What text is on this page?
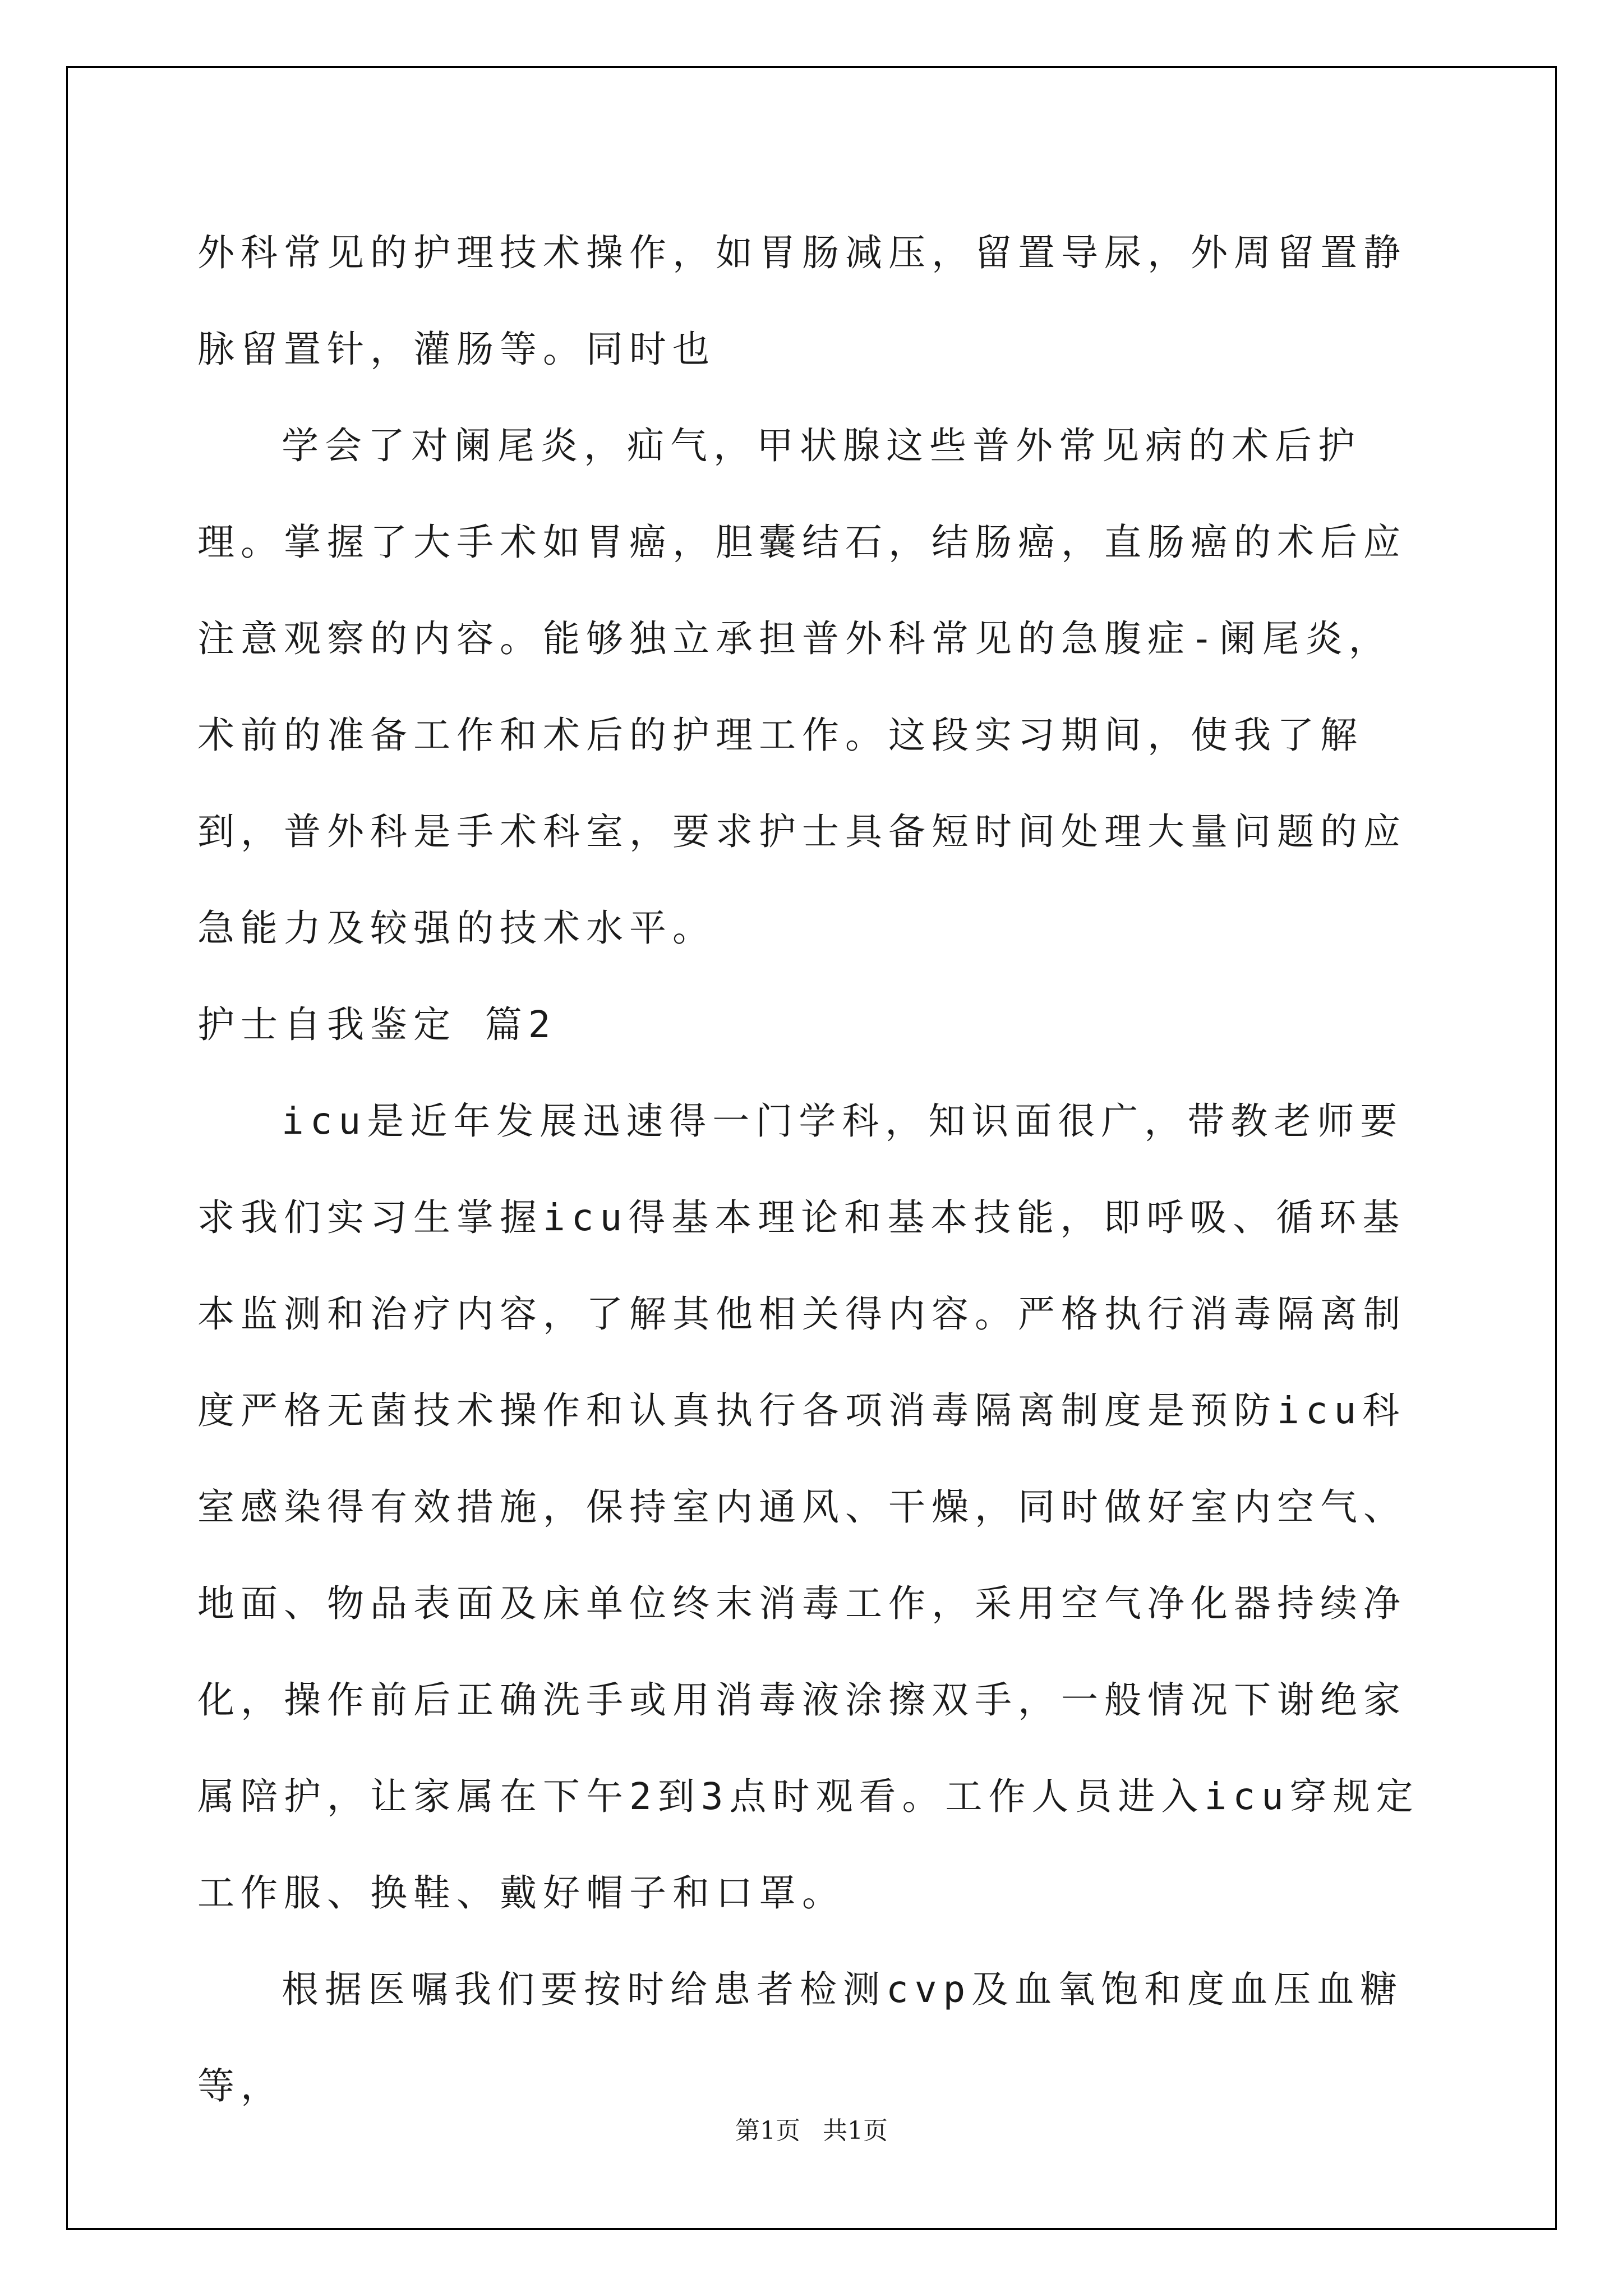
外科常见的护理技术操作，如胃肠减压，留置导尿，外周留置静脉留置针，灌肠等。同时也

学会了对阑尾炎，疝气，甲状腺这些普外常见病的术后护理。掌握了大手术如胃癌，胆囊结石，结肠癌，直肠癌的术后应注意观察的内容。能够独立承担普外科常见的急腹症-阑尾炎，术前的准备工作和术后的护理工作。这段实习期间，使我了解到，普外科是手术科室，要求护士具备短时间处理大量问题的应急能力及较强的技术水平。

护士自我鉴定 篇2

icu是近年发展迅速得一门学科，知识面很广，带教老师要求我们实习生掌握icu得基本理论和基本技能，即呼吸、循环基本监测和治疗内容，了解其他相关得内容。严格执行消毒隔离制度严格无菌技术操作和认真执行各项消毒隔离制度是预防icu科室感染得有效措施，保持室内通风、干燥，同时做好室内空气、地面、物品表面及床单位终末消毒工作，采用空气净化器持续净化，操作前后正确洗手或用消毒液涂擦双手，一般情况下谢绝家属陪护，让家属在下午2到3点时观看。工作人员进入icu穿规定工作服、换鞋、戴好帽子和口罩。

根据医嘱我们要按时给患者检测cvp及血氧饱和度血压血糖等，

第1页 共1页
